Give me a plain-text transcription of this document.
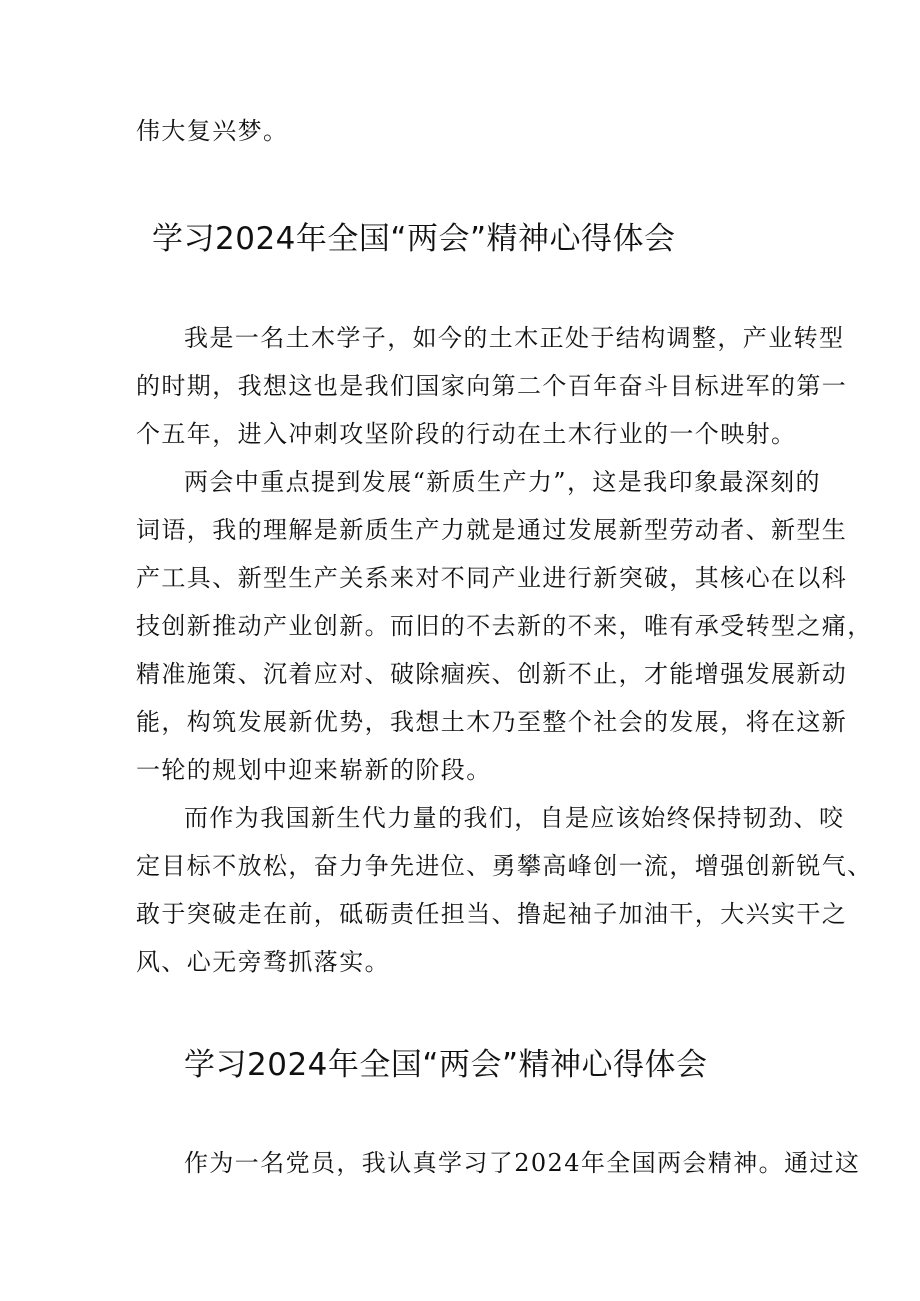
伟大复兴梦。
学习2024年全国“两会”精神心得体会
我是一名土木学子，如今的土木正处于结构调整，产业转型
的时期，我想这也是我们国家向第二个百年奋斗目标进军的第一
个五年，进入冲刺攻坚阶段的行动在土木行业的一个映射。
两会中重点提到发展“新质生产力”，这是我印象最深刻的
词语，我的理解是新质生产力就是通过发展新型劳动者、新型生
产工具、新型生产关系来对不同产业进行新突破，其核心在以科
技创新推动产业创新。而旧的不去新的不来，唯有承受转型之痛，
精准施策、沉着应对、破除痼疾、创新不止，才能增强发展新动
能，构筑发展新优势，我想土木乃至整个社会的发展，将在这新
一轮的规划中迎来崭新的阶段。
而作为我国新生代力量的我们，自是应该始终保持韧劲、咬
定目标不放松，奋力争先进位、勇攀高峰创一流，增强创新锐气、
敢于突破走在前，砥砺责任担当、撸起袖子加油干，大兴实干之
风、心无旁骛抓落实。
学习2024年全国“两会”精神心得体会
作为一名党员，我认真学习了2024年全国两会精神。通过这
